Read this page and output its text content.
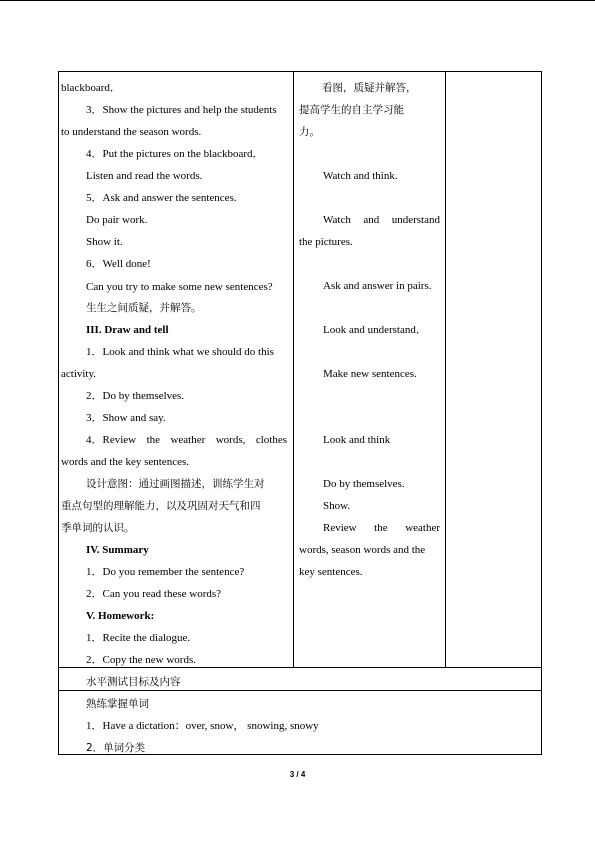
blackboard．
3．Show the pictures and help the students
to understand the season words.
4．Put the pictures on the blackboard．
Listen and read the words.
5．Ask and answer the sentences.
Do pair work.
Show it.
6．Well done!
Can you try to make some new sentences?
生生之间质疑，并解答。
III. Draw and tell
1．Look and think what we should do this
activity.
2．Do by themselves.
3．Show and say.
4．Review the weather words, clothes
words and the key sentences.
设计意图：通过画图描述，训练学生对
重点句型的理解能力，以及巩固对天气和四
季单词的认识。
IV. Summary
1．Do you remember the sentence?
2．Can you read these words?
V. Homework:
1．Recite the dialogue.
2．Copy the new words.
看图，质疑并解答，
提高学生的自主学习能
力。
Watch and think.
Watch and understand
the pictures.
Ask and answer in pairs.
Look and understand．
Make new sentences.
Look and think
Do by themselves.
Show.
Review the weather
words, season words and the
key sentences.
水平测试目标及内容
熟练掌握单词
1．Have a dictation：over, snow， snowing, snowy
2．单词分类
3 / 4
